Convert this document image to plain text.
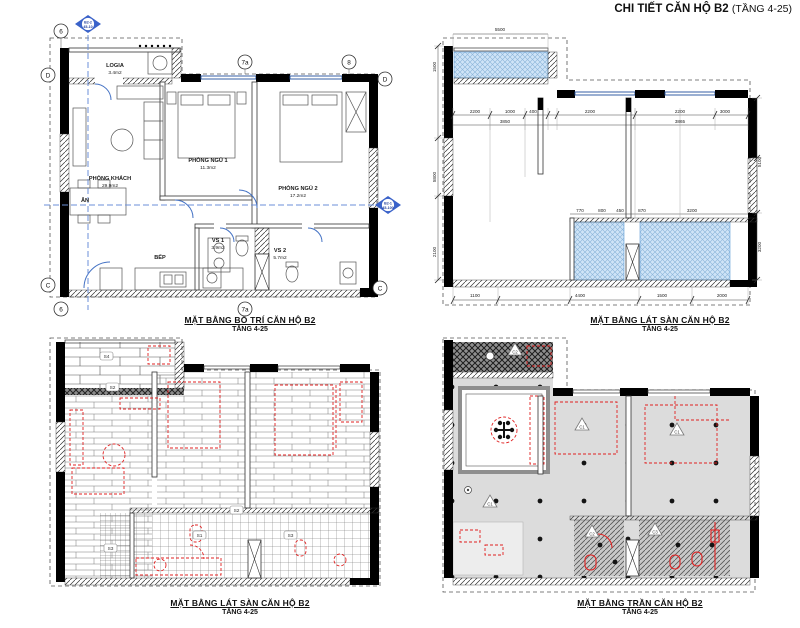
CHI TIẾT CĂN HỘ B2 (TẦNG 4-25)
B2-2
45-10
B2-1
45-100
6
7a	8
D
D
C	C
6	7a
LOGIA
3.4m2
PHÒNG KHÁCH
29.9m2
PHÒNG NGỦ 1
11.3m2
PHÒNG NGỦ 2
17.2m2
ĂN
BẾP
VS 1
3.9m2	VS 2
5.7m2
5500
2200	1000	400	2200	2200	3000
3850	3865
1500
5800
2100
5100
3200
770	800 450	870	3200
1100	4400	1500	2000
S4
S2
S2
S1	S3
S3
C2
C1
C1
C1
C2	C3
MẶT BẰNG BỐ TRÍ CĂN HỘ B2
TẦNG 4-25
MẶT BẰNG LÁT SÀN CĂN HỘ B2
TẦNG 4-25
MẶT BẰNG LÁT SÀN CĂN HỘ B2
TẦNG 4-25
MẶT BẰNG TRẦN CĂN HỘ B2
TẦNG 4-25
